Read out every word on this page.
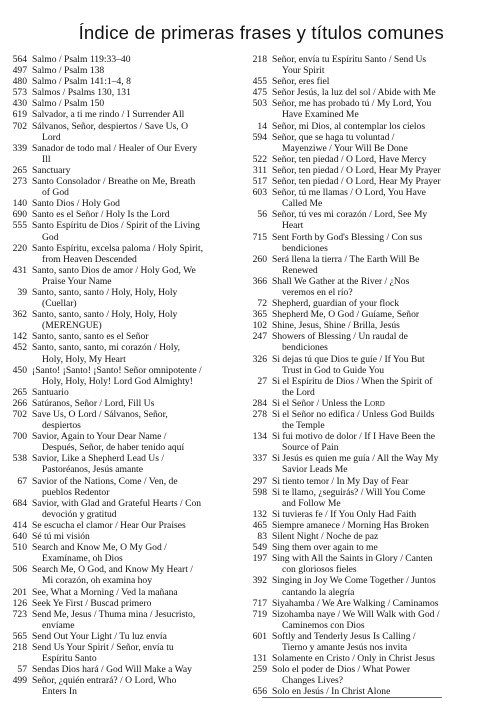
Índice de primeras frases y títulos comunes
564 Salmo / Psalm 119:33–40
497 Salmo / Psalm 138
480 Salmo / Psalm 141:1–4, 8
573 Salmos / Psalms 130, 131
430 Salmo / Psalm 150
619 Salvador, a ti me rindo / I Surrender All
702 Sálvanos, Señor, despiertos / Save Us, O
Lord
339 Sanador de todo mal / Healer of Our Every
Ill
265 Sanctuary
273 Santo Consolador / Breathe on Me, Breath
of God
140 Santo Dios / Holy God
690 Santo es el Señor / Holy Is the Lord
555 Santo Espíritu de Dios / Spirit of the Living
God
220 Santo Espíritu, excelsa paloma / Holy Spirit,
from Heaven Descended
431 Santo, santo Dios de amor / Holy God, We
Praise Your Name
39 Santo, santo, santo / Holy, Holy, Holy
(Cuellar)
362 Santo, santo, santo / Holy, Holy, Holy
(MERENGUE)
142 Santo, santo, santo es el Señor
452 Santo, santo, santo, mi corazón / Holy,
Holy, Holy, My Heart
450 ¡Santo! ¡Santo! ¡Santo! Señor omnipotente /
Holy, Holy, Holy! Lord God Almighty!
265 Santuario
266 Satúranos, Señor / Lord, Fill Us
702 Save Us, O Lord / Sálvanos, Señor,
despiertos
700 Savior, Again to Your Dear Name /
Después, Señor, de haber tenido aquí
538 Savior, Like a Shepherd Lead Us /
Pastoréanos, Jesús amante
67 Savior of the Nations, Come / Ven, de
pueblos Redentor
684 Savior, with Glad and Grateful Hearts / Con
devoción y gratitud
414 Se escucha el clamor / Hear Our Praises
640 Sé tú mi visión
510 Search and Know Me, O My God /
Examíname, oh Dios
506 Search Me, O God, and Know My Heart /
Mi corazón, oh examina hoy
201 See, What a Morning / Ved la mañana
126 Seek Ye First / Buscad primero
723 Send Me, Jesus / Thuma mina / Jesucristo,
envíame
565 Send Out Your Light / Tu luz envía
218 Send Us Your Spirit / Señor, envía tu
Espíritu Santo
57 Sendas Dios hará / God Will Make a Way
499 Señor, ¿quién entrará? / O Lord, Who
Enters In
218 Señor, envía tu Espíritu Santo / Send Us
Your Spirit
455 Señor, eres fiel
475 Señor Jesús, la luz del sol / Abide with Me
503 Señor, me has probado tú / My Lord, You
Have Examined Me
14 Señor, mi Dios, al contemplar los cielos
594 Señor, que se haga tu voluntad /
Mayenziwe / Your Will Be Done
522 Señor, ten piedad / O Lord, Have Mercy
311 Señor, ten piedad / O Lord, Hear My Prayer
517 Señor, ten piedad / O Lord, Hear My Prayer
603 Señor, tú me llamas / O Lord, You Have
Called Me
56 Señor, tú ves mi corazón / Lord, See My
Heart
715 Sent Forth by God's Blessing / Con sus
bendiciones
260 Será llena la tierra / The Earth Will Be
Renewed
366 Shall We Gather at the River / ¿Nos
veremos en el río?
72 Shepherd, guardian of your flock
365 Shepherd Me, O God / Guíame, Señor
102 Shine, Jesus, Shine / Brilla, Jesús
247 Showers of Blessing / Un raudal de
bendiciones
326 Si dejas tú que Dios te guíe / If You But
Trust in God to Guide You
27 Si el Espíritu de Dios / When the Spirit of
the Lord
284 Si el Señor / Unless the Lord
278 Si el Señor no edifica / Unless God Builds
the Temple
134 Si fui motivo de dolor / If I Have Been the
Source of Pain
337 Si Jesús es quien me guía / All the Way My
Savior Leads Me
297 Si tiento temor / In My Day of Fear
598 Si te llamo, ¿seguirás? / Will You Come
and Follow Me
132 Si tuvieras fe / If You Only Had Faith
465 Siempre amanece / Morning Has Broken
83 Silent Night / Noche de paz
549 Sing them over again to me
197 Sing with All the Saints in Glory / Canten
con gloriosos fieles
392 Singing in Joy We Come Together / Juntos
cantando la alegría
717 Siyahamba / We Are Walking / Caminamos
719 Sizohamba naye / We Will Walk with God /
Caminemos con Dios
601 Softly and Tenderly Jesus Is Calling /
Tierno y amante Jesús nos invita
131 Solamente en Cristo / Only in Christ Jesus
259 Solo el poder de Dios / What Power
Changes Lives?
656 Solo en Jesús / In Christ Alone
